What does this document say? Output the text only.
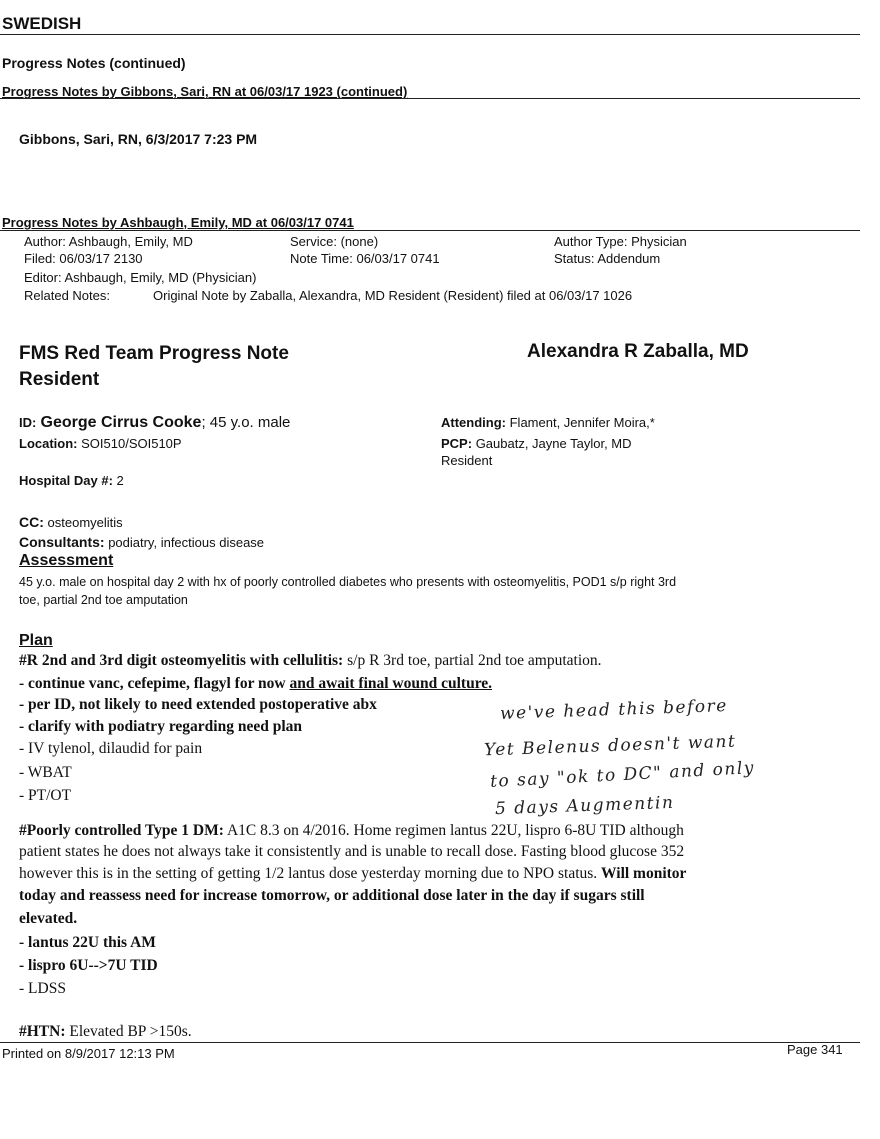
SWEDISH
Progress Notes (continued)
Progress Notes by Gibbons, Sari, RN at 06/03/17 1923 (continued)
Gibbons, Sari, RN, 6/3/2017 7:23 PM
Progress Notes by Ashbaugh, Emily, MD at 06/03/17 0741
Author: Ashbaugh, Emily, MD	Service: (none)	Author Type: Physician
Filed: 06/03/17 2130	Note Time: 06/03/17 0741	Status: Addendum
Editor: Ashbaugh, Emily, MD (Physician)
Related Notes:	Original Note by Zaballa, Alexandra, MD Resident (Resident) filed at 06/03/17 1026
FMS Red Team Progress Note
Resident
Alexandra R Zaballa, MD
ID: George Cirrus Cooke; 45 y.o. male
Location: SOI510/SOI510P
Attending: Flament, Jennifer Moira,*
PCP: Gaubatz, Jayne Taylor, MD
Resident
Hospital Day #: 2
CC: osteomyelitis
Consultants: podiatry, infectious disease
Assessment
45 y.o. male on hospital day 2 with hx of poorly controlled diabetes who presents with osteomyelitis, POD1 s/p right 3rd
toe, partial 2nd toe amputation
Plan
#R 2nd and 3rd digit osteomyelitis with cellulitis: s/p R 3rd toe, partial 2nd toe amputation.
- continue vanc, cefepime, flagyl for now and await final wound culture.
- per ID, not likely to need extended postoperative abx
- clarify with podiatry regarding need plan
- IV tylenol, dilaudid for pain
- WBAT
- PT/OT
we've head this before
Yet Belenus doesn't want
to say "ok to DC" and only
5 days Augmentin
#Poorly controlled Type 1 DM: A1C 8.3 on 4/2016. Home regimen lantus 22U, lispro 6-8U TID although
patient states he does not always take it consistently and is unable to recall dose. Fasting blood glucose 352
however this is in the setting of getting 1/2 lantus dose yesterday morning due to NPO status. Will monitor
today and reassess need for increase tomorrow, or additional dose later in the day if sugars still
elevated.
- lantus 22U this AM
- lispro 6U-->7U TID
- LDSS
#HTN: Elevated BP >150s.
Printed on 8/9/2017 12:13 PM	Page 341
